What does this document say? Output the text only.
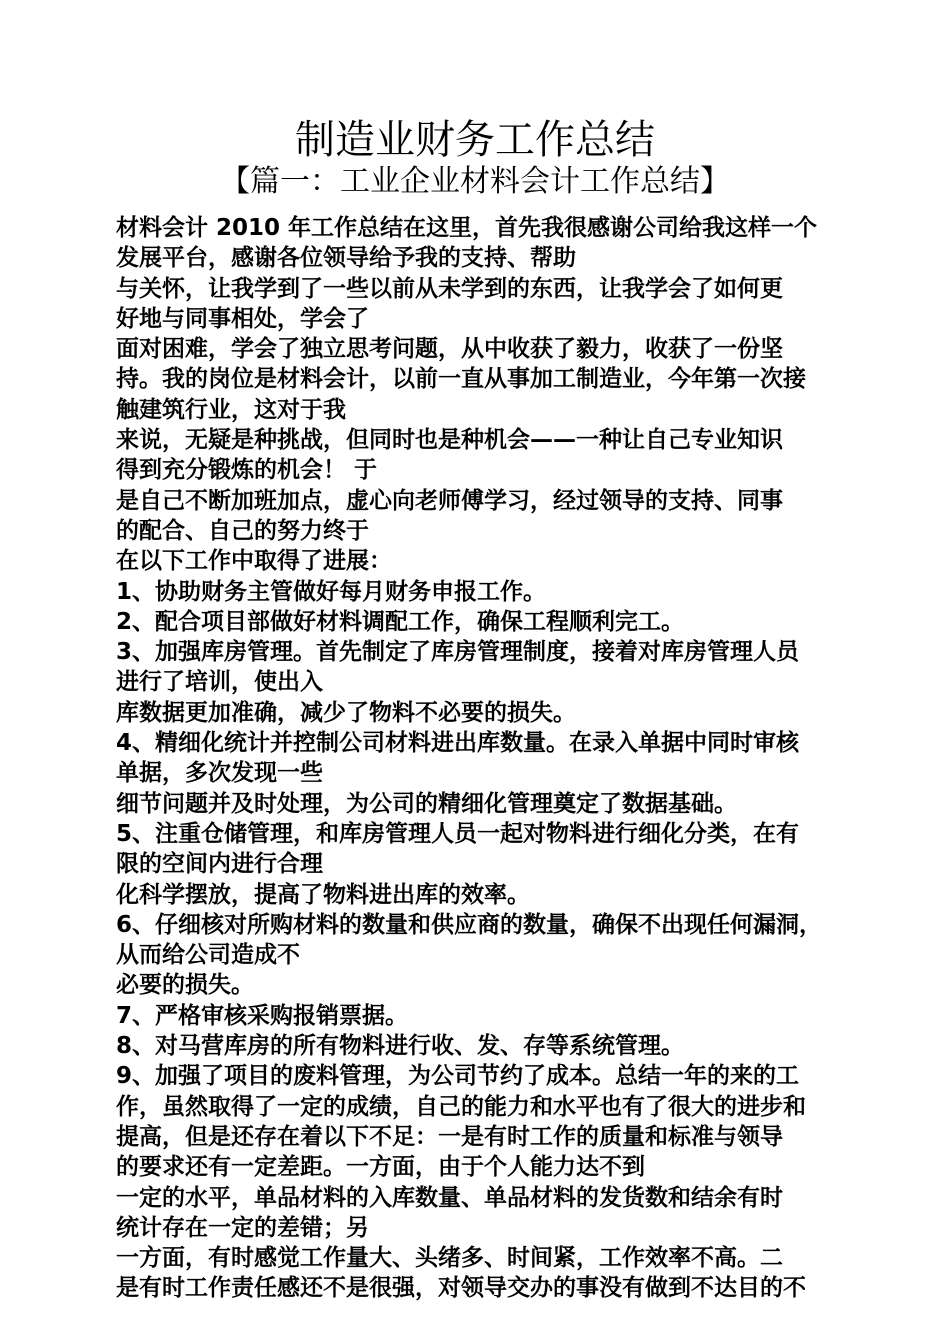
制造业财务工作总结
【篇一：工业企业材料会计工作总结】
材料会计 2010 年工作总结在这里，首先我很感谢公司给我这样一个
发展平台，感谢各位领导给予我的支持、帮助
与关怀，让我学到了一些以前从未学到的东西，让我学会了如何更
好地与同事相处，学会了
面对困难，学会了独立思考问题，从中收获了毅力，收获了一份坚
持。我的岗位是材料会计，以前一直从事加工制造业，今年第一次接
触建筑行业，这对于我
来说，无疑是种挑战，但同时也是种机会——一种让自己专业知识
得到充分锻炼的机会！ 于
是自己不断加班加点，虚心向老师傅学习，经过领导的支持、同事
的配合、自己的努力终于
在以下工作中取得了进展：
1、协助财务主管做好每月财务申报工作。
2、配合项目部做好材料调配工作，确保工程顺利完工。
3、加强库房管理。首先制定了库房管理制度，接着对库房管理人员
进行了培训，使出入
库数据更加准确，减少了物料不必要的损失。
4、精细化统计并控制公司材料进出库数量。在录入单据中同时审核
单据，多次发现一些
细节问题并及时处理，为公司的精细化管理奠定了数据基础。
5、注重仓储管理，和库房管理人员一起对物料进行细化分类，在有
限的空间内进行合理
化科学摆放，提高了物料进出库的效率。
6、仔细核对所购材料的数量和供应商的数量，确保不出现任何漏洞，
从而给公司造成不
必要的损失。
7、严格审核采购报销票据。
8、对马营库房的所有物料进行收、发、存等系统管理。
9、加强了项目的废料管理，为公司节约了成本。总结一年的来的工
作，虽然取得了一定的成绩，自己的能力和水平也有了很大的进步和
提高，但是还存在着以下不足：一是有时工作的质量和标准与领导
的要求还有一定差距。一方面，由于个人能力达不到
一定的水平，单品材料的入库数量、单品材料的发货数和结余有时
统计存在一定的差错；另
一方面，有时感觉工作量大、头绪多、时间紧，工作效率不高。二
是有时工作责任感还不是很强，对领导交办的事没有做到不达目的不
